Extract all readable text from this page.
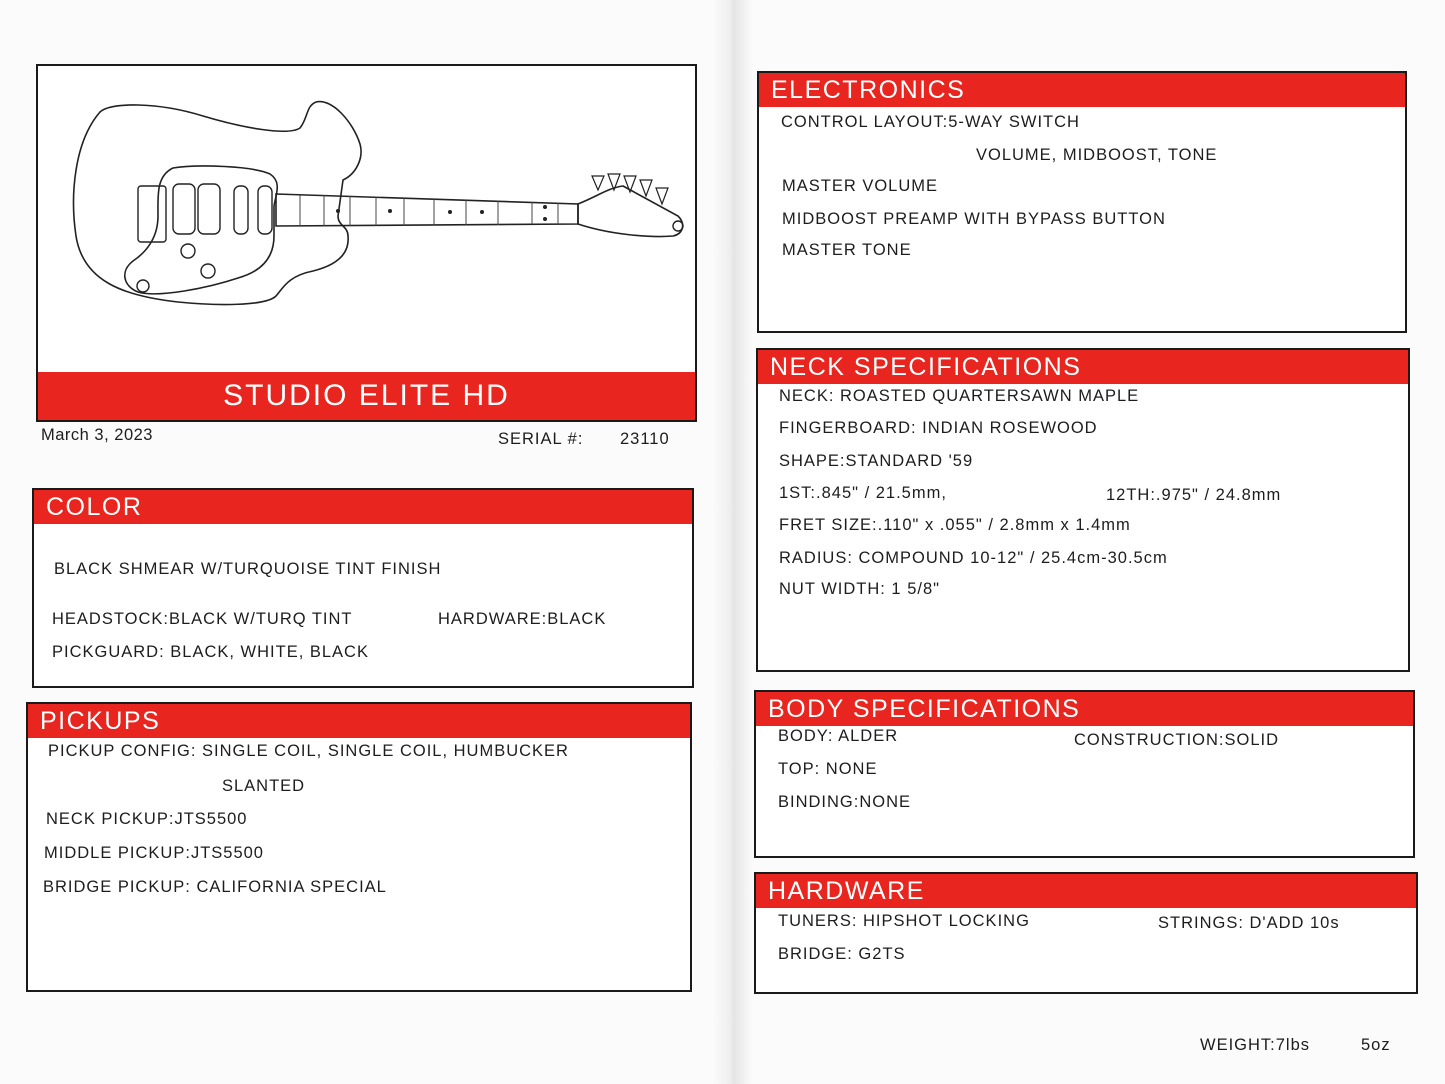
STUDIO ELITE HD
March 3, 2023	SERIAL #: 23110
COLOR
BLACK SHMEAR W/TURQUOISE TINT FINISH
HEADSTOCK:BLACK W/TURQ TINT	HARDWARE:BLACK
PICKGUARD: BLACK, WHITE, BLACK
PICKUPS
PICKUP CONFIG: SINGLE COIL, SINGLE COIL, HUMBUCKER
SLANTED
NECK PICKUP:JTS5500
MIDDLE PICKUP:JTS5500
BRIDGE PICKUP: CALIFORNIA SPECIAL
ELECTRONICS
CONTROL LAYOUT:5-WAY SWITCH
VOLUME, MIDBOOST, TONE
MASTER VOLUME
MIDBOOST PREAMP WITH BYPASS BUTTON
MASTER TONE
NECK SPECIFICATIONS
NECK: ROASTED QUARTERSAWN MAPLE
FINGERBOARD: INDIAN ROSEWOOD
SHAPE:STANDARD '59
1ST:.845" / 21.5mm,	12TH:.975" / 24.8mm
FRET SIZE:.110" x .055" / 2.8mm x 1.4mm
RADIUS: COMPOUND 10-12" / 25.4cm-30.5cm
NUT WIDTH: 1 5/8"
BODY SPECIFICATIONS
BODY: ALDER	CONSTRUCTION:SOLID
TOP: NONE
BINDING:NONE
HARDWARE
TUNERS: HIPSHOT LOCKING	STRINGS: D'ADD 10s
BRIDGE: G2TS
WEIGHT:7lbs	5oz
